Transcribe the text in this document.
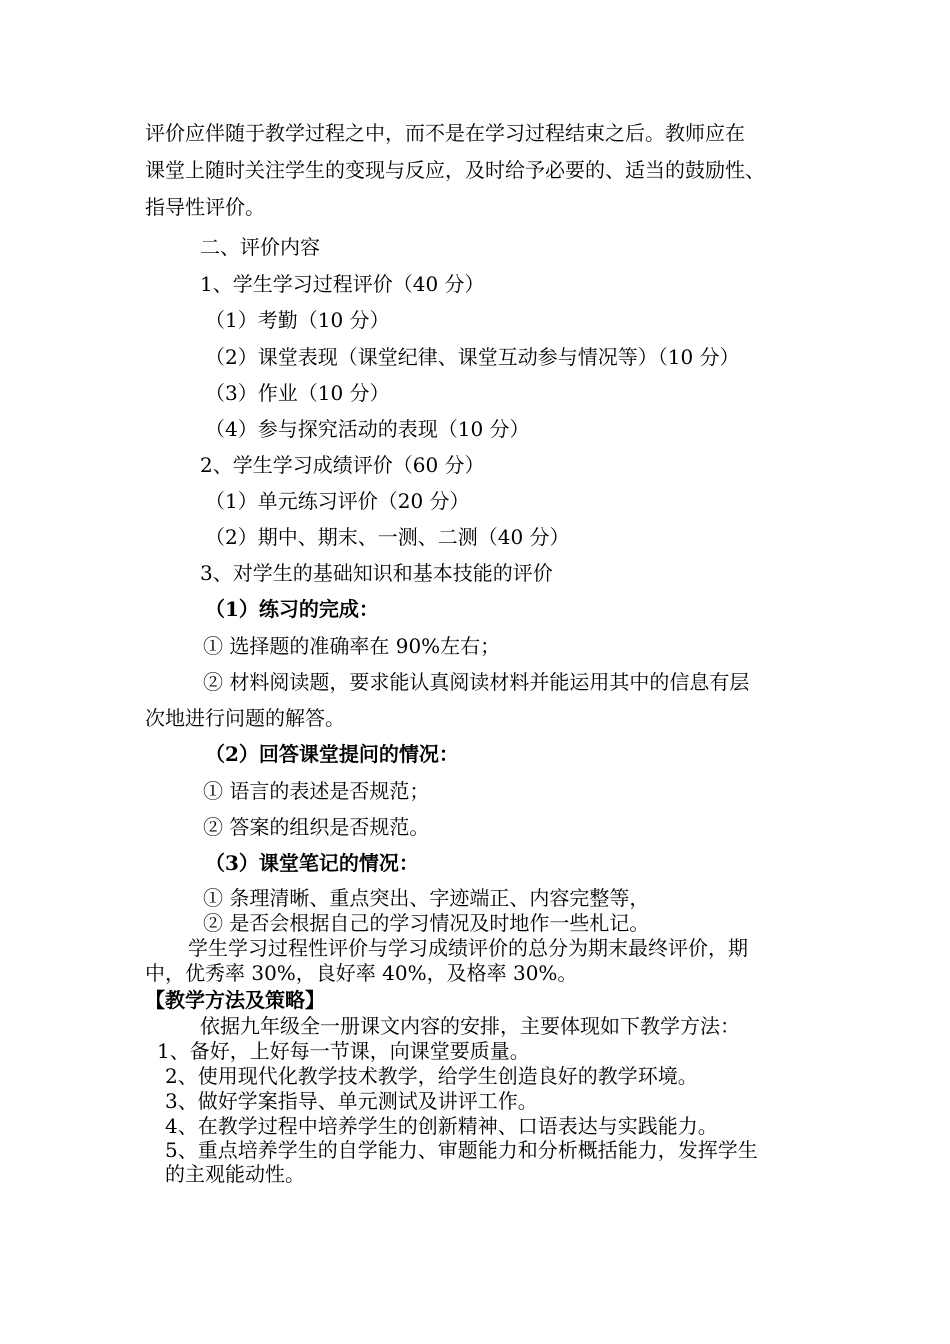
评价应伴随于教学过程之中，而不是在学习过程结束之后。教师应在
课堂上随时关注学生的变现与反应，及时给予必要的、适当的鼓励性、
指导性评价。
二、评价内容
1、学生学习过程评价（40 分）
（1）考勤（10 分）
（2）课堂表现（课堂纪律、课堂互动参与情况等）（10 分）
（3）作业（10 分）
（4）参与探究活动的表现（10 分）
2、学生学习成绩评价（60 分）
（1）单元练习评价（20 分）
（2）期中、期末、一测、二测（40 分）
3、对学生的基础知识和基本技能的评价
（1）练习的完成：
① 选择题的准确率在 90%左右；
② 材料阅读题，要求能认真阅读材料并能运用其中的信息有层
次地进行问题的解答。
（2）回答课堂提问的情况：
① 语言的表述是否规范；
② 答案的组织是否规范。
（3）课堂笔记的情况：
① 条理清晰、重点突出、字迹端正、内容完整等，
② 是否会根据自己的学习情况及时地作一些札记。
学生学习过程性评价与学习成绩评价的总分为期末最终评价，期
中，优秀率 30%，良好率 40%，及格率 30%。
【教学方法及策略】
依据九年级全一册课文内容的安排，主要体现如下教学方法：
1、备好，上好每一节课，向课堂要质量。
2、使用现代化教学技术教学，给学生创造良好的教学环境。
3、做好学案指导、单元测试及讲评工作。
4、在教学过程中培养学生的创新精神、口语表达与实践能力。
5、重点培养学生的自学能力、审题能力和分析概括能力，发挥学生
的主观能动性。
